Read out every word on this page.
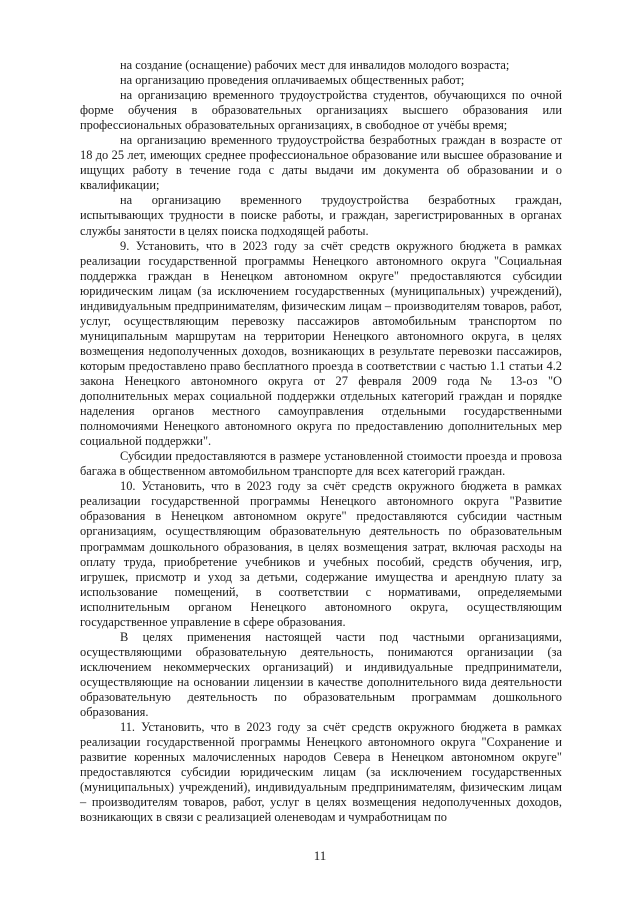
на создание (оснащение) рабочих мест для инвалидов молодого возраста;

на организацию проведения оплачиваемых общественных работ;

на организацию временного трудоустройства студентов, обучающихся по очной форме обучения в образовательных организациях высшего образования или профессиональных образовательных организациях, в свободное от учёбы время;

на организацию временного трудоустройства безработных граждан в возрасте от 18 до 25 лет, имеющих среднее профессиональное образование или высшее образование и ищущих работу в течение года с даты выдачи им документа об образовании и о квалификации;

на организацию временного трудоустройства безработных граждан, испытывающих трудности в поиске работы, и граждан, зарегистрированных в органах службы занятости в целях поиска подходящей работы.

9. Установить, что в 2023 году за счёт средств окружного бюджета в рамках реализации государственной программы Ненецкого автономного округа "Социальная поддержка граждан в Ненецком автономном округе" предоставляются субсидии юридическим лицам (за исключением государственных (муниципальных) учреждений), индивидуальным предпринимателям, физическим лицам – производителям товаров, работ, услуг, осуществляющим перевозку пассажиров автомобильным транспортом по муниципальным маршрутам на территории Ненецкого автономного округа, в целях возмещения недополученных доходов, возникающих в результате перевозки пассажиров, которым предоставлено право бесплатного проезда в соответствии с частью 1.1 статьи 4.2 закона Ненецкого автономного округа от 27 февраля 2009 года № 13-оз "О дополнительных мерах социальной поддержки отдельных категорий граждан и порядке наделения органов местного самоуправления отдельными государственными полномочиями Ненецкого автономного округа по предоставлению дополнительных мер социальной поддержки".

Субсидии предоставляются в размере установленной стоимости проезда и провоза багажа в общественном автомобильном транспорте для всех категорий граждан.

10. Установить, что в 2023 году за счёт средств окружного бюджета в рамках реализации государственной программы Ненецкого автономного округа "Развитие образования в Ненецком автономном округе" предоставляются субсидии частным организациям, осуществляющим образовательную деятельность по образовательным программам дошкольного образования, в целях возмещения затрат, включая расходы на оплату труда, приобретение учебников и учебных пособий, средств обучения, игр, игрушек, присмотр и уход за детьми, содержание имущества и арендную плату за использование помещений, в соответствии с нормативами, определяемыми исполнительным органом Ненецкого автономного округа, осуществляющим государственное управление в сфере образования.

В целях применения настоящей части под частными организациями, осуществляющими образовательную деятельность, понимаются организации (за исключением некоммерческих организаций) и индивидуальные предприниматели, осуществляющие на основании лицензии в качестве дополнительного вида деятельности образовательную деятельность по образовательным программам дошкольного образования.

11. Установить, что в 2023 году за счёт средств окружного бюджета в рамках реализации государственной программы Ненецкого автономного округа "Сохранение и развитие коренных малочисленных народов Севера в Ненецком автономном округе" предоставляются субсидии юридическим лицам (за исключением государственных (муниципальных) учреждений), индивидуальным предпринимателям, физическим лицам – производителям товаров, работ, услуг в целях возмещения недополученных доходов, возникающих в связи с реализацией оленеводам и чумработницам по

11
